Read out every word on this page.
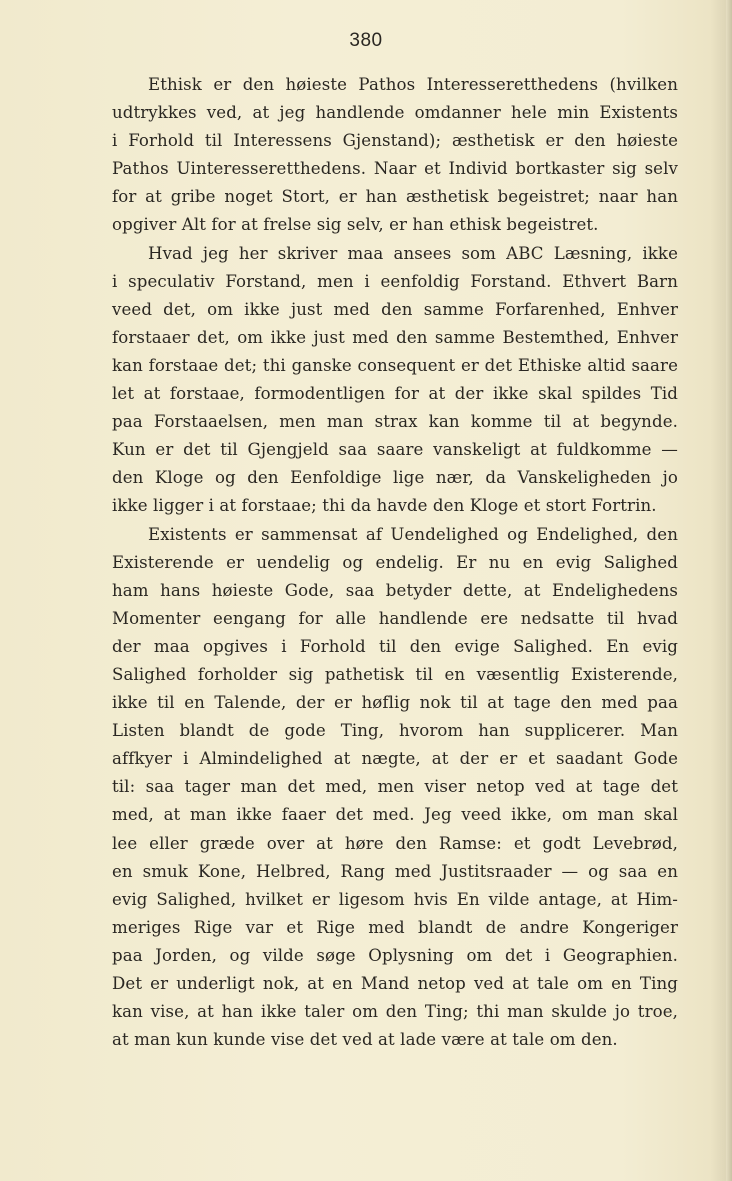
380
Ethisk er den høieste Pathos Interesseretthedens (hvilken
udtrykkes ved, at jeg handlende omdanner hele min Existents
i Forhold til Interessens Gjenstand); æsthetisk er den høieste
Pathos Uinteresseretthedens. Naar et Individ bortkaster sig selv
for at gribe noget Stort, er han æsthetisk begeistret; naar han
opgiver Alt for at frelse sig selv, er han ethisk begeistret.
Hvad jeg her skriver maa ansees som ABC Læsning, ikke
i speculativ Forstand, men i eenfoldig Forstand. Ethvert Barn
veed det, om ikke just med den samme Forfarenhed, Enhver
forstaaer det, om ikke just med den samme Bestemthed, Enhver
kan forstaae det; thi ganske consequent er det Ethiske altid saare
let at forstaae, formodentligen for at der ikke skal spildes Tid
paa Forstaaelsen, men man strax kan komme til at begynde.
Kun er det til Gjengjeld saa saare vanskeligt at fuldkomme —
den Kloge og den Eenfoldige lige nær, da Vanskeligheden jo
ikke ligger i at forstaae; thi da havde den Kloge et stort Fortrin.
Existents er sammensat af Uendelighed og Endelighed, den
Existerende er uendelig og endelig. Er nu en evig Salighed
ham hans høieste Gode, saa betyder dette, at Endelighedens
Momenter eengang for alle handlende ere nedsatte til hvad
der maa opgives i Forhold til den evige Salighed. En evig
Salighed forholder sig pathetisk til en væsentlig Existerende,
ikke til en Talende, der er høflig nok til at tage den med paa
Listen blandt de gode Ting, hvorom han supplicerer. Man
affkyer i Almindelighed at nægte, at der er et saadant Gode
til: saa tager man det med, men viser netop ved at tage det
med, at man ikke faaer det med. Jeg veed ikke, om man skal
lee eller græde over at høre den Ramse: et godt Levebrød,
en smuk Kone, Helbred, Rang med Justitsraader — og saa en
evig Salighed, hvilket er ligesom hvis En vilde antage, at Him-
meriges Rige var et Rige med blandt de andre Kongeriger
paa Jorden, og vilde søge Oplysning om det i Geographien.
Det er underligt nok, at en Mand netop ved at tale om en Ting
kan vise, at han ikke taler om den Ting; thi man skulde jo troe,
at man kun kunde vise det ved at lade være at tale om den.
